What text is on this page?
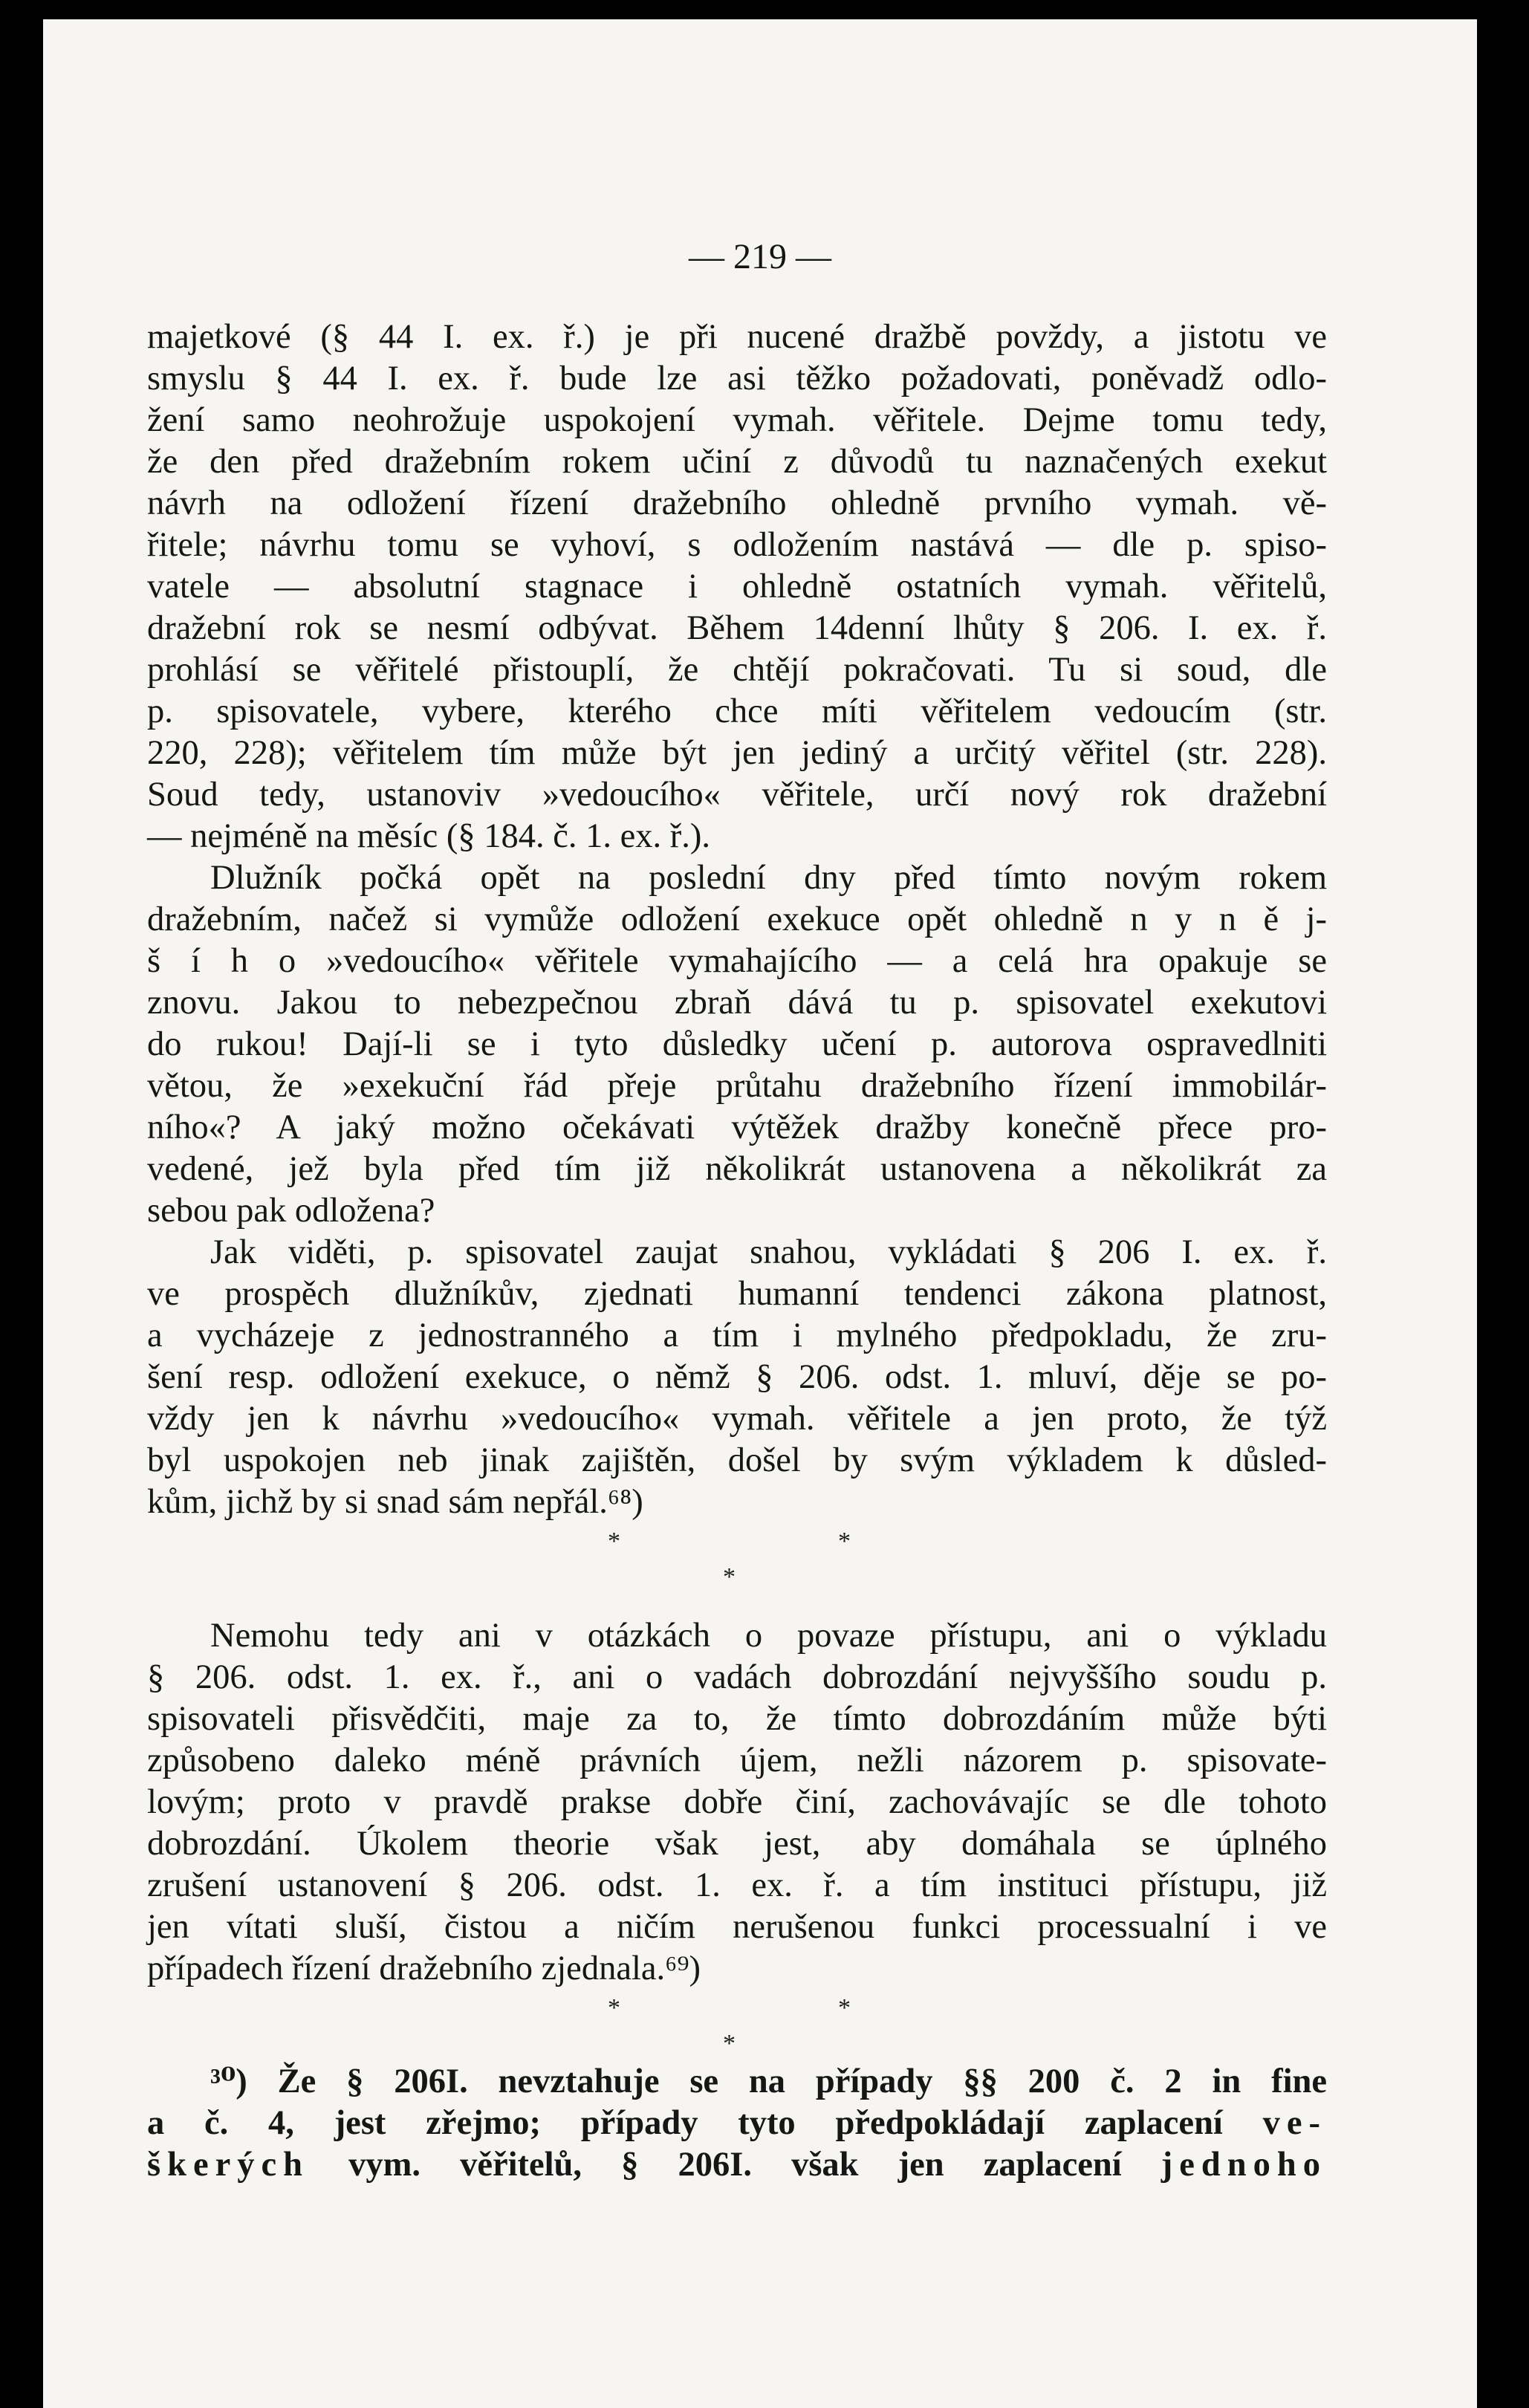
— 219 —
majetkové (§ 44 I. ex. ř.) je při nucené dražbě povždy, a jistotu ve
smyslu § 44 I. ex. ř. bude lze asi těžko požadovati, poněvadž odlo-
žení samo neohrožuje uspokojení vymah. věřitele. Dejme tomu tedy,
že den před dražebním rokem učiní z důvodů tu naznačených exekut
návrh na odložení řízení dražebního ohledně prvního vymah. vě-
řitele; návrhu tomu se vyhoví, s odložením nastává — dle p. spiso-
vatele — absolutní stagnace i ohledně ostatních vymah. věřitelů,
dražební rok se nesmí odbývat. Během 14denní lhůty § 206. I. ex. ř.
prohlásí se věřitelé přistouplí, že chtějí pokračovati. Tu si soud, dle
p. spisovatele, vybere, kterého chce míti věřitelem vedoucím (str.
220, 228); věřitelem tím může být jen jediný a určitý věřitel (str. 228).
Soud tedy, ustanoviv »vedoucího« věřitele, určí nový rok dražební
— nejméně na měsíc (§ 184. č. 1. ex. ř.).
Dlužník počká opět na poslední dny před tímto novým rokem
dražebním, načež si vymůže odložení exekuce opět ohledně n y n ě j-
š í h o »vedoucího« věřitele vymahajícího — a celá hra opakuje se
znovu. Jakou to nebezpečnou zbraň dává tu p. spisovatel exekutovi
do rukou! Dají-li se i tyto důsledky učení p. autorova ospravedlniti
větou, že »exekuční řád přeje průtahu dražebního řízení immobilár-
ního«? A jaký možno očekávati výtěžek dražby konečně přece pro-
vedené, jež byla před tím již několikrát ustanovena a několikrát za
sebou pak odložena?
Jak viděti, p. spisovatel zaujat snahou, vykládati § 206 I. ex. ř.
ve prospěch dlužníkův, zjednati humanní tendenci zákona platnost,
a vycházeje z jednostranného a tím i mylného předpokladu, že zru-
šení resp. odložení exekuce, o němž § 206. odst. 1. mluví, děje se po-
vždy jen k návrhu »vedoucího« vymah. věřitele a jen proto, že týž
byl uspokojen neb jinak zajištěn, došel by svým výkladem k důsled-
kům, jichž by si snad sám nepřál.⁶⁸)
*	*
*
Nemohu tedy ani v otázkách o povaze přístupu, ani o výkladu
§ 206. odst. 1. ex. ř., ani o vadách dobrozdání nejvyššího soudu p.
spisovateli přisvědčiti, maje za to, že tímto dobrozdáním může býti
způsobeno daleko méně právních újem, nežli názorem p. spisovate-
lovým; proto v pravdě prakse dobře činí, zachovávajíc se dle tohoto
dobrozdání. Úkolem theorie však jest, aby domáhala se úplného
zrušení ustanovení § 206. odst. 1. ex. ř. a tím instituci přístupu, již
jen vítati sluší, čistou a ničím nerušenou funkci processualní i ve
případech řízení dražebního zjednala.⁶⁹)
*	*
*
³⁰) Že § 206I. nevztahuje se na případy §§ 200 č. 2 in fine
a č. 4, jest zřejmo; případy tyto předpokládají zaplacení ve-
škerých vym. věřitelů, § 206I. však jen zaplacení jednoho
